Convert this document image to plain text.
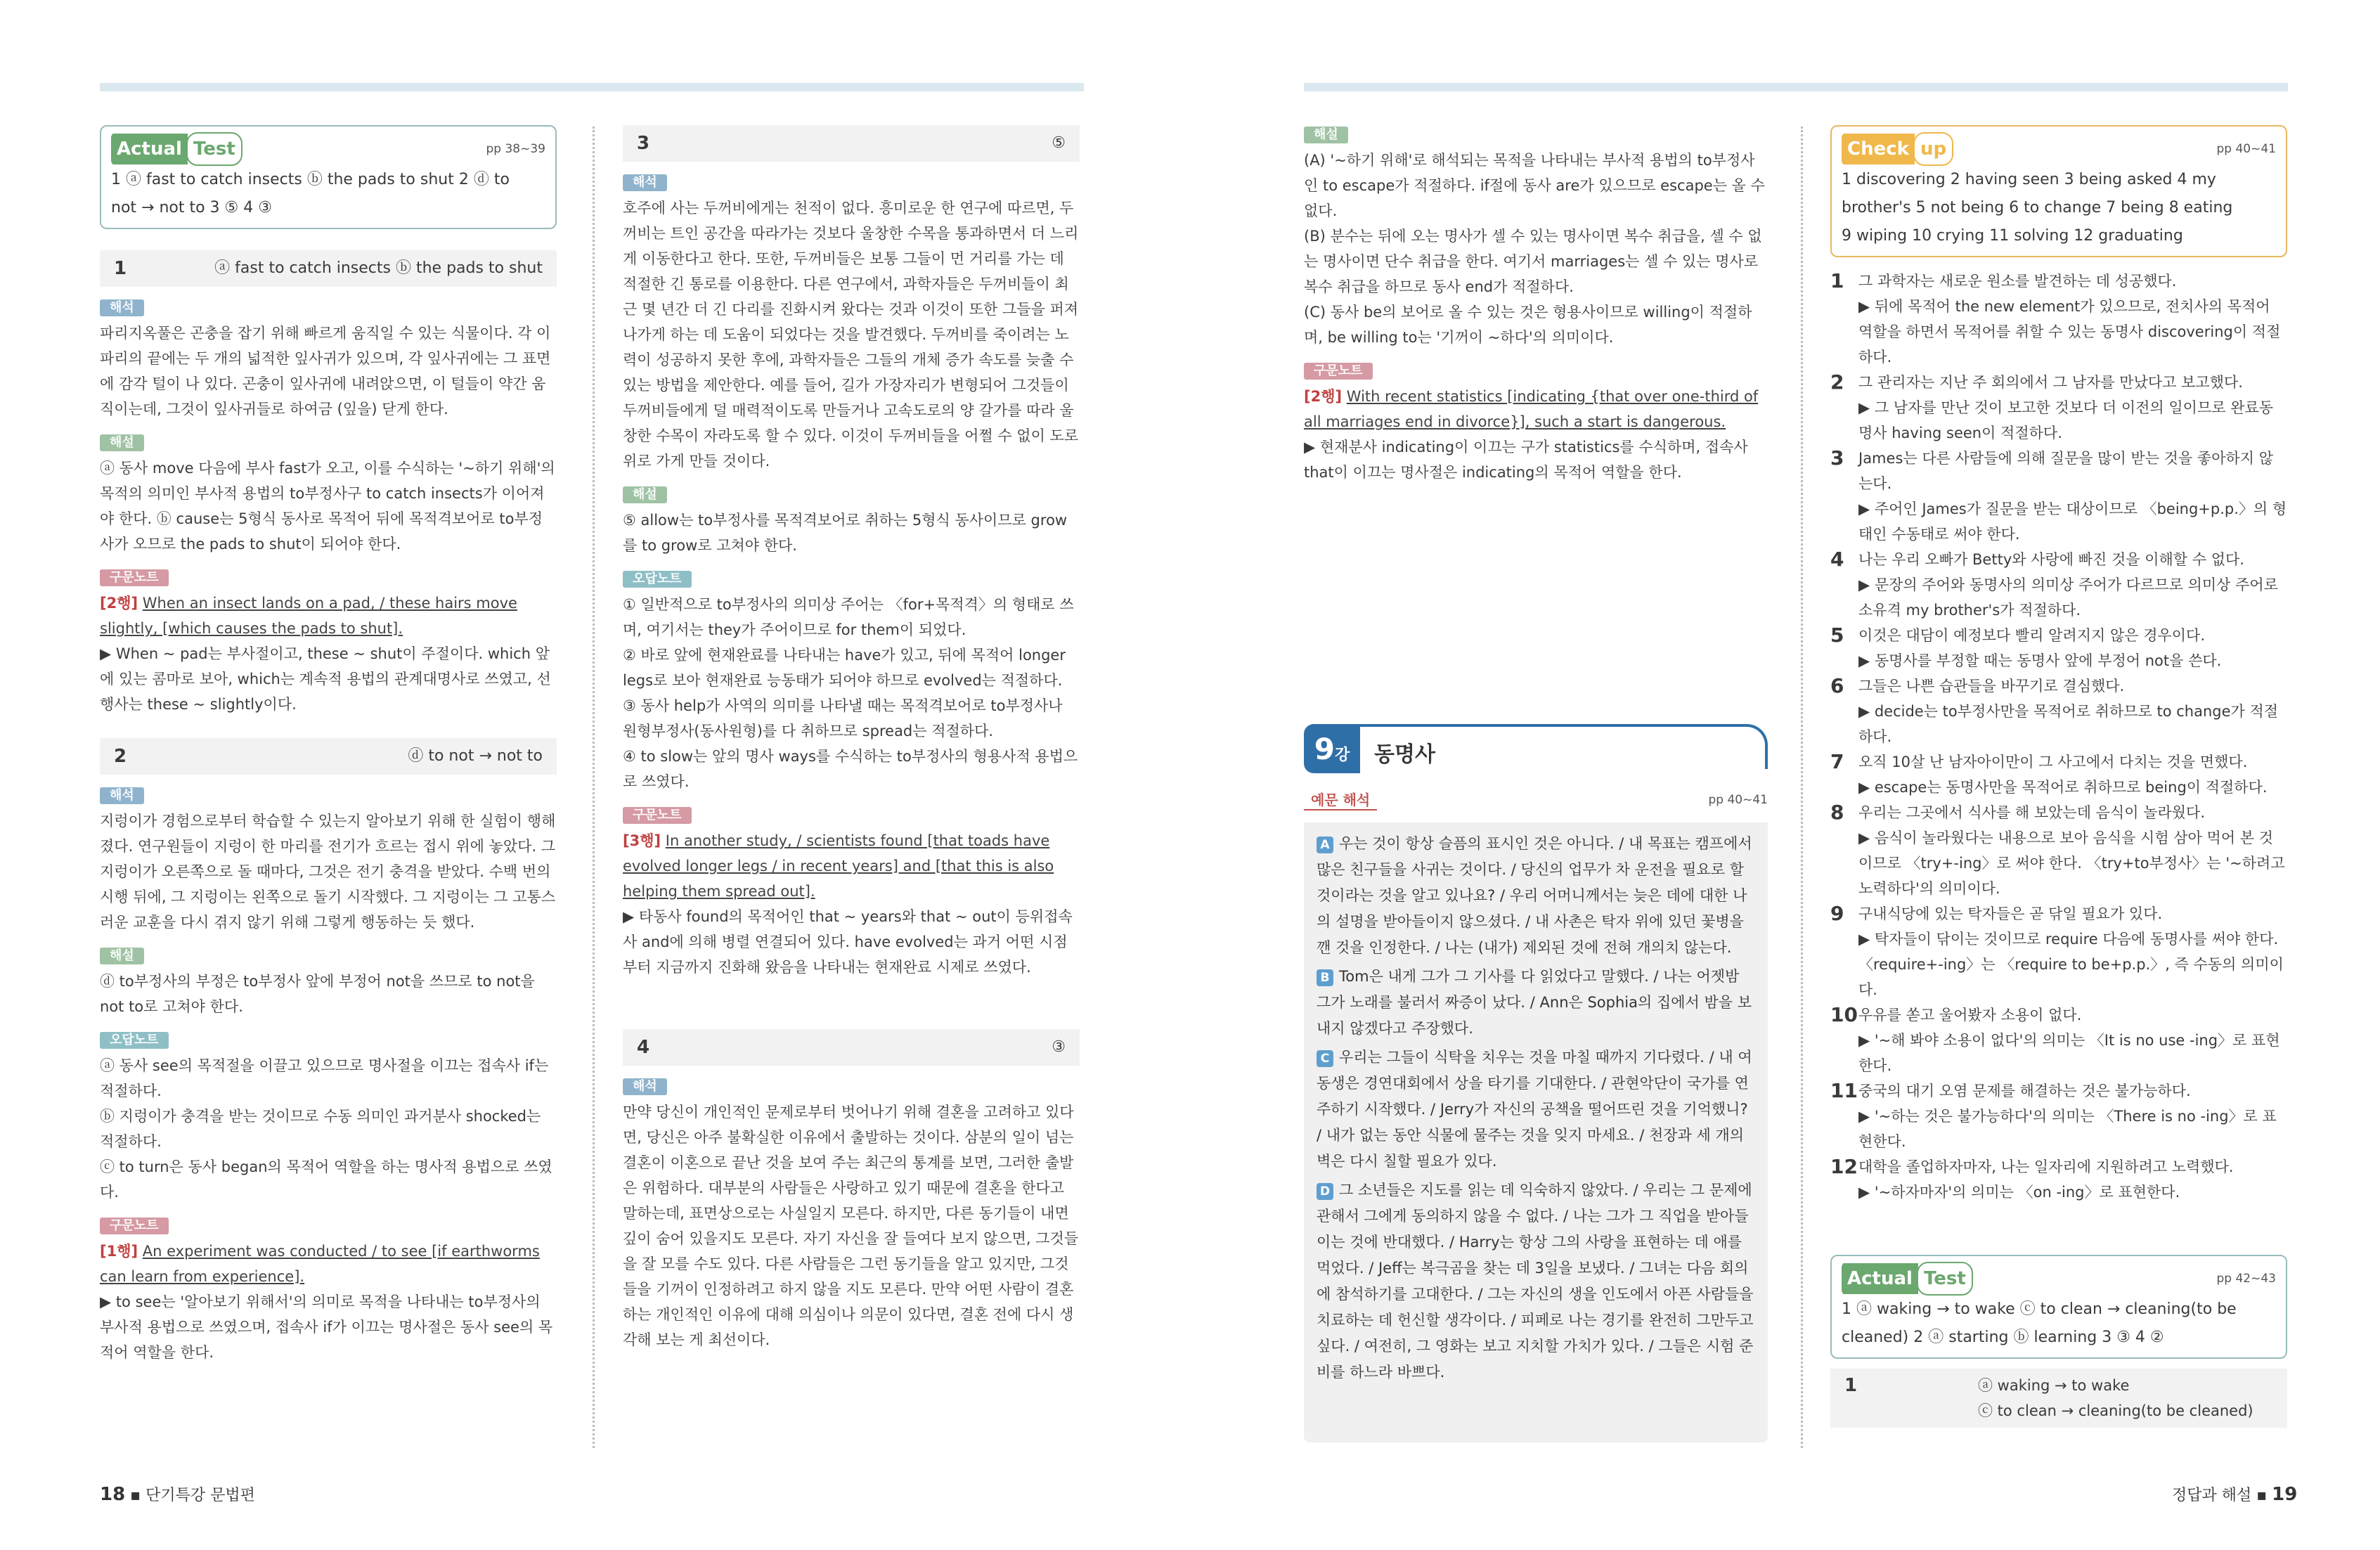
Actual Test	pp 38~39
1 ⓐ fast to catch insects ⓑ the pads to shut 2 ⓓ to
not → not to 3 ⑤ 4 ③
1	ⓐ fast to catch insects ⓑ the pads to shut
해석

파리지옥풀은 곤충을 잡기 위해 빠르게 움직일 수 있는 식물이다. 각 이파리의 끝에는 두 개의 넓적한 잎사귀가 있으며, 각 잎사귀에는 그 표면에 감각 털이 나 있다. 곤충이 잎사귀에 내려앉으면, 이 털들이 약간 움직이는데, 그것이 잎사귀들로 하여금 (잎을) 닫게 한다.

해설

ⓐ 동사 move 다음에 부사 fast가 오고, 이를 수식하는 '~하기 위해'의 목적의 의미인 부사적 용법의 to부정사구 to catch insects가 이어져야 한다. ⓑ cause는 5형식 동사로 목적어 뒤에 목적격보어로 to부정사가 오므로 the pads to shut이 되어야 한다.

구문노트

[2행] When an insect lands on a pad, / these hairs move slightly, [which causes the pads to shut].

▶ When ~ pad는 부사절이고, these ~ shut이 주절이다. which 앞에 있는 콤마로 보아, which는 계속적 용법의 관계대명사로 쓰였고, 선행사는 these ~ slightly이다.

2	ⓓ to not → not to
해석

지렁이가 경험으로부터 학습할 수 있는지 알아보기 위해 한 실험이 행해졌다. 연구원들이 지렁이 한 마리를 전기가 흐르는 접시 위에 놓았다. 그 지렁이가 오른쪽으로 돌 때마다, 그것은 전기 충격을 받았다. 수백 번의 시행 뒤에, 그 지렁이는 왼쪽으로 돌기 시작했다. 그 지렁이는 그 고통스러운 교훈을 다시 겪지 않기 위해 그렇게 행동하는 듯 했다.

해설

ⓓ to부정사의 부정은 to부정사 앞에 부정어 not을 쓰므로 to not을 not to로 고쳐야 한다.

오답노트

ⓐ 동사 see의 목적절을 이끌고 있으므로 명사절을 이끄는 접속사 if는 적절하다.

ⓑ 지렁이가 충격을 받는 것이므로 수동 의미인 과거분사 shocked는 적절하다.

ⓒ to turn은 동사 began의 목적어 역할을 하는 명사적 용법으로 쓰였다.

구문노트

[1행] An experiment was conducted / to see [if earthworms can learn from experience].

▶ to see는 '알아보기 위해서'의 의미로 목적을 나타내는 to부정사의 부사적 용법으로 쓰였으며, 접속사 if가 이끄는 명사절은 동사 see의 목적어 역할을 한다.

3	⑤
해석

호주에 사는 두꺼비에게는 천적이 없다. 흥미로운 한 연구에 따르면, 두꺼비는 트인 공간을 따라가는 것보다 울창한 수목을 통과하면서 더 느리게 이동한다고 한다. 또한, 두꺼비들은 보통 그들이 먼 거리를 가는 데 적절한 긴 통로를 이용한다. 다른 연구에서, 과학자들은 두꺼비들이 최근 몇 년간 더 긴 다리를 진화시켜 왔다는 것과 이것이 또한 그들을 퍼져 나가게 하는 데 도움이 되었다는 것을 발견했다. 두꺼비를 죽이려는 노력이 성공하지 못한 후에, 과학자들은 그들의 개체 증가 속도를 늦출 수 있는 방법을 제안한다. 예를 들어, 길가 가장자리가 변형되어 그것들이 두꺼비들에게 덜 매력적이도록 만들거나 고속도로의 양 갈가를 따라 울창한 수목이 자라도록 할 수 있다. 이것이 두꺼비들을 어쩔 수 없이 도로 위로 가게 만들 것이다.

해설

⑤ allow는 to부정사를 목적격보어로 취하는 5형식 동사이므로 grow를 to grow로 고쳐야 한다.

오답노트

① 일반적으로 to부정사의 의미상 주어는 〈for+목적격〉의 형태로 쓰며, 여기서는 they가 주어이므로 for them이 되었다.

② 바로 앞에 현재완료를 나타내는 have가 있고, 뒤에 목적어 longer legs로 보아 현재완료 능동태가 되어야 하므로 evolved는 적절하다.

③ 동사 help가 사역의 의미를 나타낼 때는 목적격보어로 to부정사나 원형부정사(동사원형)를 다 취하므로 spread는 적절하다.

④ to slow는 앞의 명사 ways를 수식하는 to부정사의 형용사적 용법으로 쓰였다.

구문노트

[3행] In another study, / scientists found [that toads have evolved longer legs / in recent years] and [that this is also helping them spread out].

▶ 타동사 found의 목적어인 that ~ years와 that ~ out이 등위접속사 and에 의해 병렬 연결되어 있다. have evolved는 과거 어떤 시점부터 지금까지 진화해 왔음을 나타내는 현재완료 시제로 쓰였다.

4	③
해석

만약 당신이 개인적인 문제로부터 벗어나기 위해 결혼을 고려하고 있다면, 당신은 아주 불확실한 이유에서 출발하는 것이다. 삼분의 일이 넘는 결혼이 이혼으로 끝난 것을 보여 주는 최근의 통계를 보면, 그러한 출발은 위험하다. 대부분의 사람들은 사랑하고 있기 때문에 결혼을 한다고 말하는데, 표면상으로는 사실일지 모른다. 하지만, 다른 동기들이 내면 깊이 숨어 있을지도 모른다. 자기 자신을 잘 들여다 보지 않으면, 그것들을 잘 모를 수도 있다. 다른 사람들은 그런 동기들을 알고 있지만, 그것들을 기꺼이 인정하려고 하지 않을 지도 모른다. 만약 어떤 사람이 결혼하는 개인적인 이유에 대해 의심이나 의문이 있다면, 결혼 전에 다시 생각해 보는 게 최선이다.

해설

(A) '~하기 위해'로 해석되는 목적을 나타내는 부사적 용법의 to부정사인 to escape가 적절하다. if절에 동사 are가 있으므로 escape는 올 수 없다.

(B) 분수는 뒤에 오는 명사가 셀 수 있는 명사이면 복수 취급을, 셀 수 없는 명사이면 단수 취급을 한다. 여기서 marriages는 셀 수 있는 명사로 복수 취급을 하므로 동사 end가 적절하다.

(C) 동사 be의 보어로 올 수 있는 것은 형용사이므로 willing이 적절하며, be willing to는 '기꺼이 ~하다'의 의미이다.

구문노트

[2행] With recent statistics [indicating {that over one-third of all marriages end in divorce}], such a start is dangerous.

▶ 현재분사 indicating이 이끄는 구가 statistics를 수식하며, 접속사 that이 이끄는 명사절은 indicating의 목적어 역할을 한다.

9 강 동명사
예문 해석	pp 40~41
A 우는 것이 항상 슬픔의 표시인 것은 아니다. / 내 목표는 캠프에서 많은 친구들을 사귀는 것이다. / 당신의 업무가 차 운전을 필요로 할 것이라는 것을 알고 있나요? / 우리 어머니께서는 늦은 데에 대한 나의 설명을 받아들이지 않으셨다. / 내 사촌은 탁자 위에 있던 꽃병을 깬 것을 인정한다. / 나는 (내가) 제외된 것에 전혀 개의치 않는다.
B Tom은 내게 그가 그 기사를 다 읽었다고 말했다. / 나는 어젯밤 그가 노래를 불러서 짜증이 났다. / Ann은 Sophia의 집에서 밤을 보내지 않겠다고 주장했다.
C 우리는 그들이 식탁을 치우는 것을 마칠 때까지 기다렸다. / 내 여동생은 경연대회에서 상을 타기를 기대한다. / 관현악단이 국가를 연주하기 시작했다. / Jerry가 자신의 공책을 떨어뜨린 것을 기억했니? / 내가 없는 동안 식물에 물주는 것을 잊지 마세요. / 천장과 세 개의 벽은 다시 칠할 필요가 있다.
D 그 소년들은 지도를 읽는 데 익숙하지 않았다. / 우리는 그 문제에 관해서 그에게 동의하지 않을 수 없다. / 나는 그가 그 직업을 받아들이는 것에 반대했다. / Harry는 항상 그의 사랑을 표현하는 데 애를 먹었다. / Jeff는 복극곰을 찾는 데 3일을 보냈다. / 그녀는 다음 회의에 참석하기를 고대한다. / 그는 자신의 생을 인도에서 아픈 사람들을 치료하는 데 헌신할 생각이다. / 피페로 나는 경기를 완전히 그만두고 싶다. / 여전히, 그 영화는 보고 지치할 가치가 있다. / 그들은 시험 준비를 하느라 바쁘다.
Check up	pp 40~41
1 discovering 2 having seen 3 being asked 4 my
brother's 5 not being 6 to change 7 being 8 eating
9 wiping 10 crying 11 solving 12 graduating
1 그 과학자는 새로운 원소를 발견하는 데 성공했다.
▶ 뒤에 목적어 the new element가 있으므로, 전치사의 목적어 역할을 하면서 목적어를 취할 수 있는 동명사 discovering이 적절하다.
2 그 관리자는 지난 주 회의에서 그 남자를 만났다고 보고했다.
▶ 그 남자를 만난 것이 보고한 것보다 더 이전의 일이므로 완료동명사 having seen이 적절하다.
3 James는 다른 사람들에 의해 질문을 많이 받는 것을 좋아하지 않는다.
▶ 주어인 James가 질문을 받는 대상이므로 〈being+p.p.〉의 형태인 수동태로 써야 한다.
4 나는 우리 오빠가 Betty와 사랑에 빠진 것을 이해할 수 없다.
▶ 문장의 주어와 동명사의 의미상 주어가 다르므로 의미상 주어로 소유격 my brother's가 적절하다.
5 이것은 대담이 예정보다 빨리 알려지지 않은 경우이다.
▶ 동명사를 부정할 때는 동명사 앞에 부정어 not을 쓴다.
6 그들은 나쁜 습관들을 바꾸기로 결심했다.
▶ decide는 to부정사만을 목적어로 취하므로 to change가 적절하다.
7 오직 10살 난 남자아이만이 그 사고에서 다치는 것을 면했다.
▶ escape는 동명사만을 목적어로 취하므로 being이 적절하다.
8 우리는 그곳에서 식사를 해 보았는데 음식이 놀라웠다.
▶ 음식이 놀라웠다는 내용으로 보아 음식을 시험 삼아 먹어 본 것이므로 〈try+-ing〉로 써야 한다. 〈try+to부정사〉는 '~하려고 노력하다'의 의미이다.
9 구내식당에 있는 탁자들은 곧 닦일 필요가 있다.
▶ 탁자들이 닦이는 것이므로 require 다음에 동명사를 써야 한다. 〈require+-ing〉는 〈require to be+p.p.〉, 즉 수동의 의미이다.
10 우유를 쏟고 울어봤자 소용이 없다.
▶ '~해 봐야 소용이 없다'의 의미는 〈It is no use -ing〉로 표현한다.
11 중국의 대기 오염 문제를 해결하는 것은 불가능하다.
▶ '~하는 것은 불가능하다'의 의미는 〈There is no -ing〉로 표현한다.
12 대학을 졸업하자마자, 나는 일자리에 지원하려고 노력했다.
▶ '~하자마자'의 의미는 〈on -ing〉로 표현한다.
Actual Test	pp 42~43
1 ⓐ waking → to wake ⓒ to clean → cleaning(to be
cleaned) 2 ⓐ starting ⓑ learning 3 ③ 4 ②
1	ⓐ waking → to wake
ⓒ to clean → cleaning(to be cleaned)
18 ▪ 단기특강 문법편	정답과 해설 ▪ 19
